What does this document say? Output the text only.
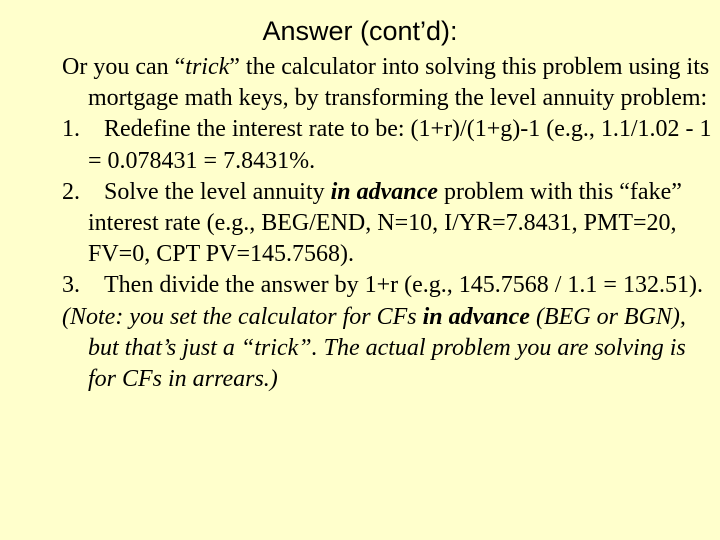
Answer (cont’d):
Or you can “trick” the calculator into solving this problem using its mortgage math keys, by transforming the level annuity problem:
1. Redefine the interest rate to be: (1+r)/(1+g)-1 (e.g., 1.1/1.02 - 1 = 0.078431 = 7.8431%.
2. Solve the level annuity in advance problem with this “fake” interest rate (e.g., BEG/END, N=10, I/YR=7.8431, PMT=20, FV=0, CPT PV=145.7568).
3. Then divide the answer by 1+r (e.g., 145.7568 / 1.1 = 132.51).
(Note: you set the calculator for CFs in advance (BEG or BGN), but that’s just a “trick”. The actual problem you are solving is for CFs in arrears.)
